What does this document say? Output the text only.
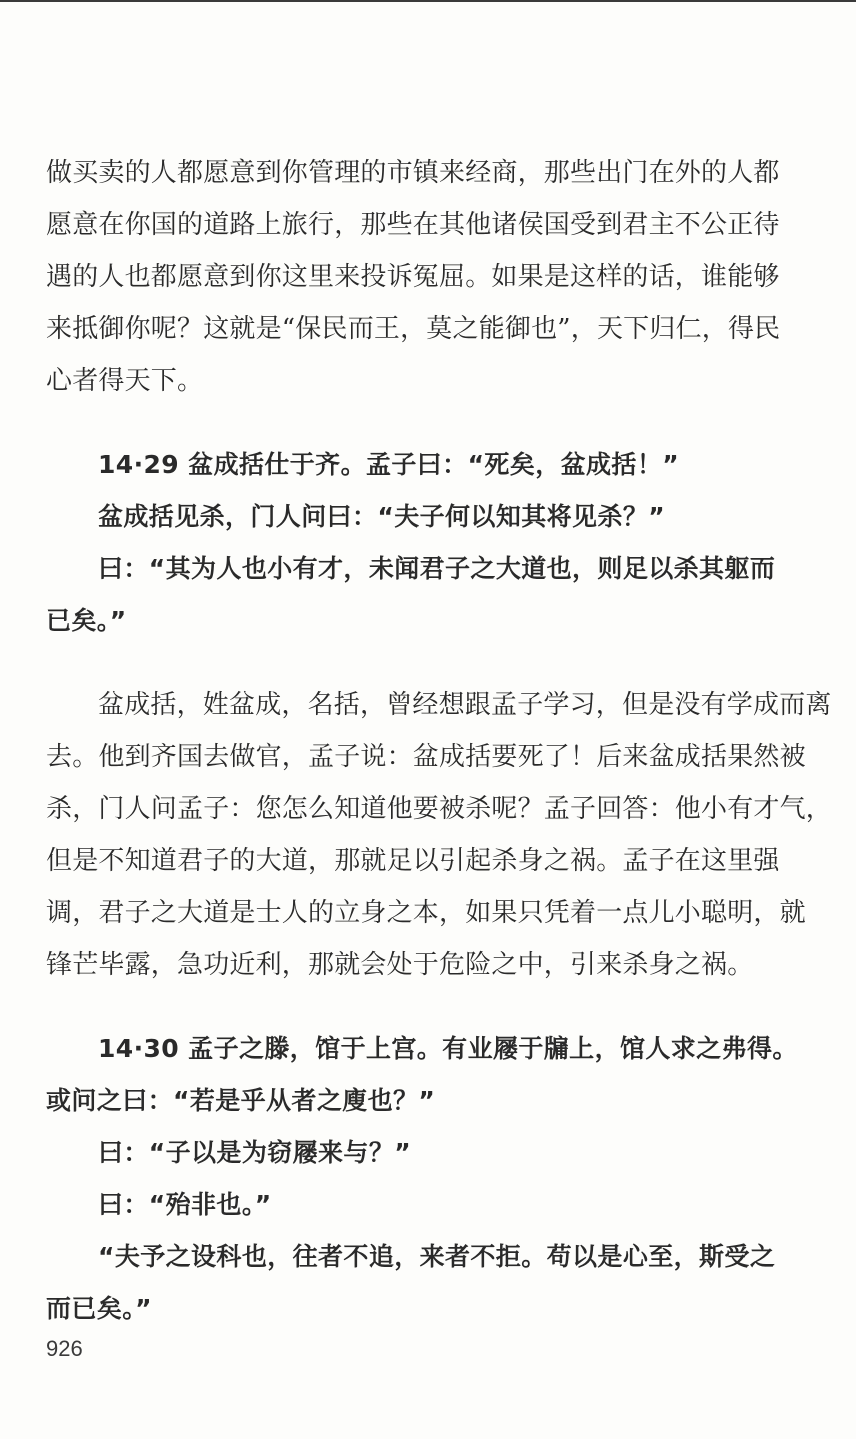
做买卖的人都愿意到你管理的市镇来经商，那些出门在外的人都

愿意在你国的道路上旅行，那些在其他诸侯国受到君主不公正待

遇的人也都愿意到你这里来投诉冤屈。如果是这样的话，谁能够

来抵御你呢？这就是“保民而王，莫之能御也”，天下归仁，得民

心者得天下。

14·29 盆成括仕于齐。孟子曰：“死矣，盆成括！”

盆成括见杀，门人问曰：“夫子何以知其将见杀？”

曰：“其为人也小有才，未闻君子之大道也，则足以杀其躯而

已矣。”

盆成括，姓盆成，名括，曾经想跟孟子学习，但是没有学成而离

去。他到齐国去做官，孟子说：盆成括要死了！后来盆成括果然被

杀，门人问孟子：您怎么知道他要被杀呢？孟子回答：他小有才气，

但是不知道君子的大道，那就足以引起杀身之祸。孟子在这里强

调，君子之大道是士人的立身之本，如果只凭着一点儿小聪明，就

锋芒毕露，急功近利，那就会处于危险之中，引来杀身之祸。

14·30 孟子之滕，馆于上宫。有业屦于牖上，馆人求之弗得。

或问之曰：“若是乎从者之廋也？”

曰：“子以是为窃屦来与？”

曰：“殆非也。”

“夫予之设科也，往者不追，来者不拒。苟以是心至，斯受之

而已矣。”

926
